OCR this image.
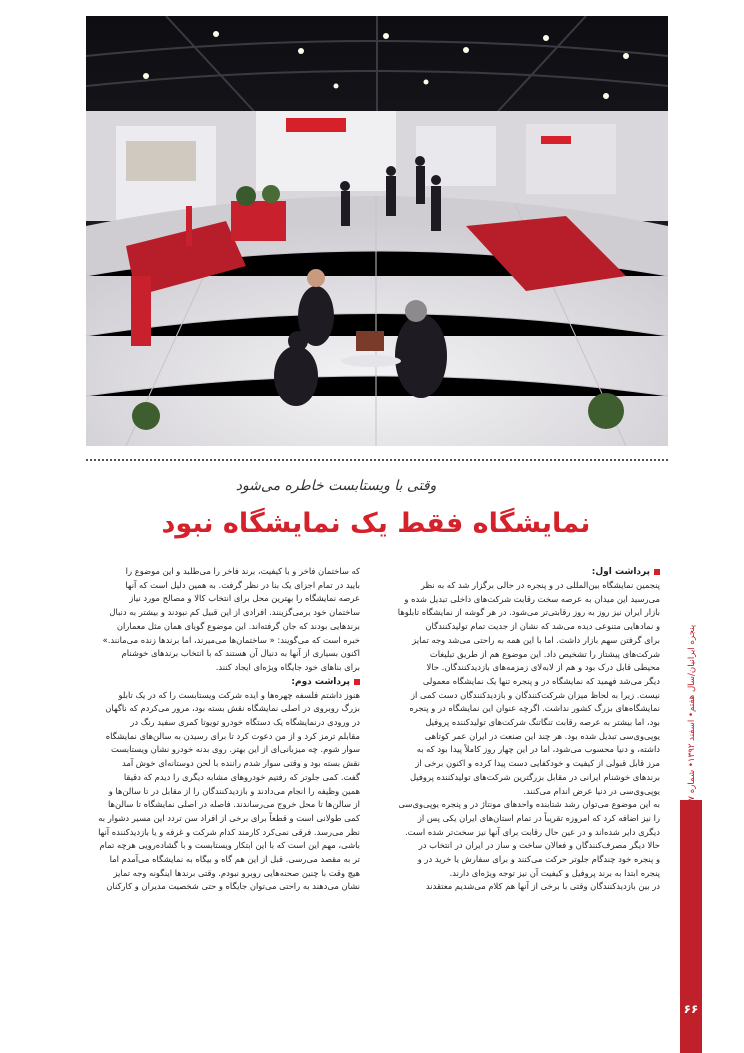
وقتی با ویستابست خاطره می‌شود
نمایشگاه فقط یک نمایشگاه نبود
پرداشت اول:

پنجمین نمایشگاه بین‌المللی در و پنجره در حالی برگزار شد که به نظر

می‌رسید این میدان به عرصه سخت رقابت شرکت‌های داخلی تبدیل شده و

بازار ایران نیز روز به روز رقابتی‌تر می‌شود. در هر گوشه از نمایشگاه تابلوها

و نمادهایی متنوعی دیده می‌شد که نشان از جدیت تمام تولیدکنندگان

برای گرفتن سهم بازار داشت. اما با این همه به راحتی می‌شد وجه تمایز

شرکت‌های پیشتاز را تشخیص داد. این موضوع هم از طریق تبلیغات

محیطی قابل درک بود و هم از لابه‌لای زمزمه‌های بازدیدکنندگان. حالا

دیگر می‌شد فهمید که نمایشگاه در و پنجره تنها یک نمایشگاه معمولی

نیست. زیرا به لحاظ میزان شرکت‌کنندگان و بازدیدکنندگان دست کمی از

نمایشگاه‌های بزرگ کشور نداشت. اگرچه عنوان این نمایشگاه در و پنجره

بود، اما بیشتر به عرصه رقابت تنگاتنگ شرکت‌های تولیدکننده پروفیل

یوپی‌وی‌سی تبدیل شده بود. هر چند این صنعت در ایران عمر کوتاهی

داشته، و دنیا محسوب می‌شود، اما در این چهار روز کاملاً پیدا بود که به

مرز قابل قبولی از کیفیت و خودکفایی دست پیدا کرده و اکنون برخی از

برندهای خوشنام ایرانی در مقابل بزرگترین شرکت‌های تولیدکننده پروفیل

یوپی‌وی‌سی در دنیا عرض اندام می‌کنند.

به این موضوع می‌توان رشد شتابنده واحدهای مونتاژ در و پنجره یوپی‌وی‌سی

را نیز اضافه کرد که امروزه تقریباً در تمام استان‌های ایران یکی پس از

دیگری دایر شده‌اند و در عین حال رقابت برای آنها نیز سخت‌تر شده است.

حالا دیگر مصرف‌کنندگان و فعالان ساخت و ساز در ایران در انتخاب در

و پنجره خود چندگام جلوتر حرکت می‌کنند و برای سفارش یا خرید در و

پنجره ابتدا به برند پروفیل و کیفیت آن نیز توجه ویژه‌ای دارند.

در بین بازدیدکنندگان وقتی با برخی از آنها هم کلام می‌شدیم معتقدند

که ساختمان فاخر و با کیفیت، برند فاخر را می‌طلبد و این موضوع را

بایید در تمام اجزای یک بنا در نظر گرفت. به همین دلیل است که آنها

عرصه نمایشگاه را بهترین محل برای انتخاب کالا و مصالح مورد نیاز

ساختمان خود برمی‌گزینند. افرادی از این قبیل کم نبودند و بیشتر به دنبال

برندهایی بودند که جان گرفته‌اند. این موضوع گویای همان مثل معماران

خبره است که می‌گویند: « ساختمان‌ها می‌میرند، اما برندها زنده می‌مانند.»

اکنون بسیاری از آنها به دنبال آن هستند که با انتخاب برندهای خوشنام

برای بناهای خود جایگاه ویژه‌ای ایجاد کنند.

پرداشت دوم:

هنوز داشتم فلسفه چهره‌ها و ایده شرکت ویستابست را که در یک تابلو

بزرگ روبروی در اصلی نمایشگاه نقش بسته بود، مرور می‌کردم که ناگهان

در ورودی درنمایشگاه یک دستگاه خودرو تویوتا کمری سفید رنگ در

مقابلم ترمز کرد و از من دعوت کرد تا برای رسیدن به سالن‌های نمایشگاه

سوار شوم. چه میزبانی‌ای از این بهتر. روی بدنه خودرو نشان ویستابست

نقش بسته بود و وقتی سوار شدم راننده با لحن دوستانه‌ای خوش آمد

گفت. کمی جلوتر که رفتیم خودروهای مشابه دیگری را دیدم که دقیقا

همین وظیفه را انجام می‌دادند و بازدیدکنندگان را از مقابل در تا سالن‌ها و

از سالن‌ها تا محل خروج می‌رساندند. فاصله در اصلی نمایشگاه تا سالن‌ها

کمی طولانی است و قطعاً برای برخی از افراد سن تردد این مسیر دشوار به

نظر می‌رسد. فرقی نمی‌کرد کارمند کدام شرکت و غرفه و یا بازدیدکننده آنها

باشی، مهم این است که با این ابتکار ویستابست و با گشاده‌رویی هرچه تمام

تر به مقصد می‌رسی. قبل از این هم گاه و بیگاه به نمایشگاه می‌آمدم اما

هیچ وقت با چنین صحنه‌هایی روبرو نبودم. وقتی برندها اینگونه وجه تمایز

نشان می‌دهند به راحتی می‌توان جایگاه و حتی شخصیت مدیران و کارکنان

پنجره ایرانیان/سال هفتم• اسفند ۱۳۹۲• شماره
۶۶
